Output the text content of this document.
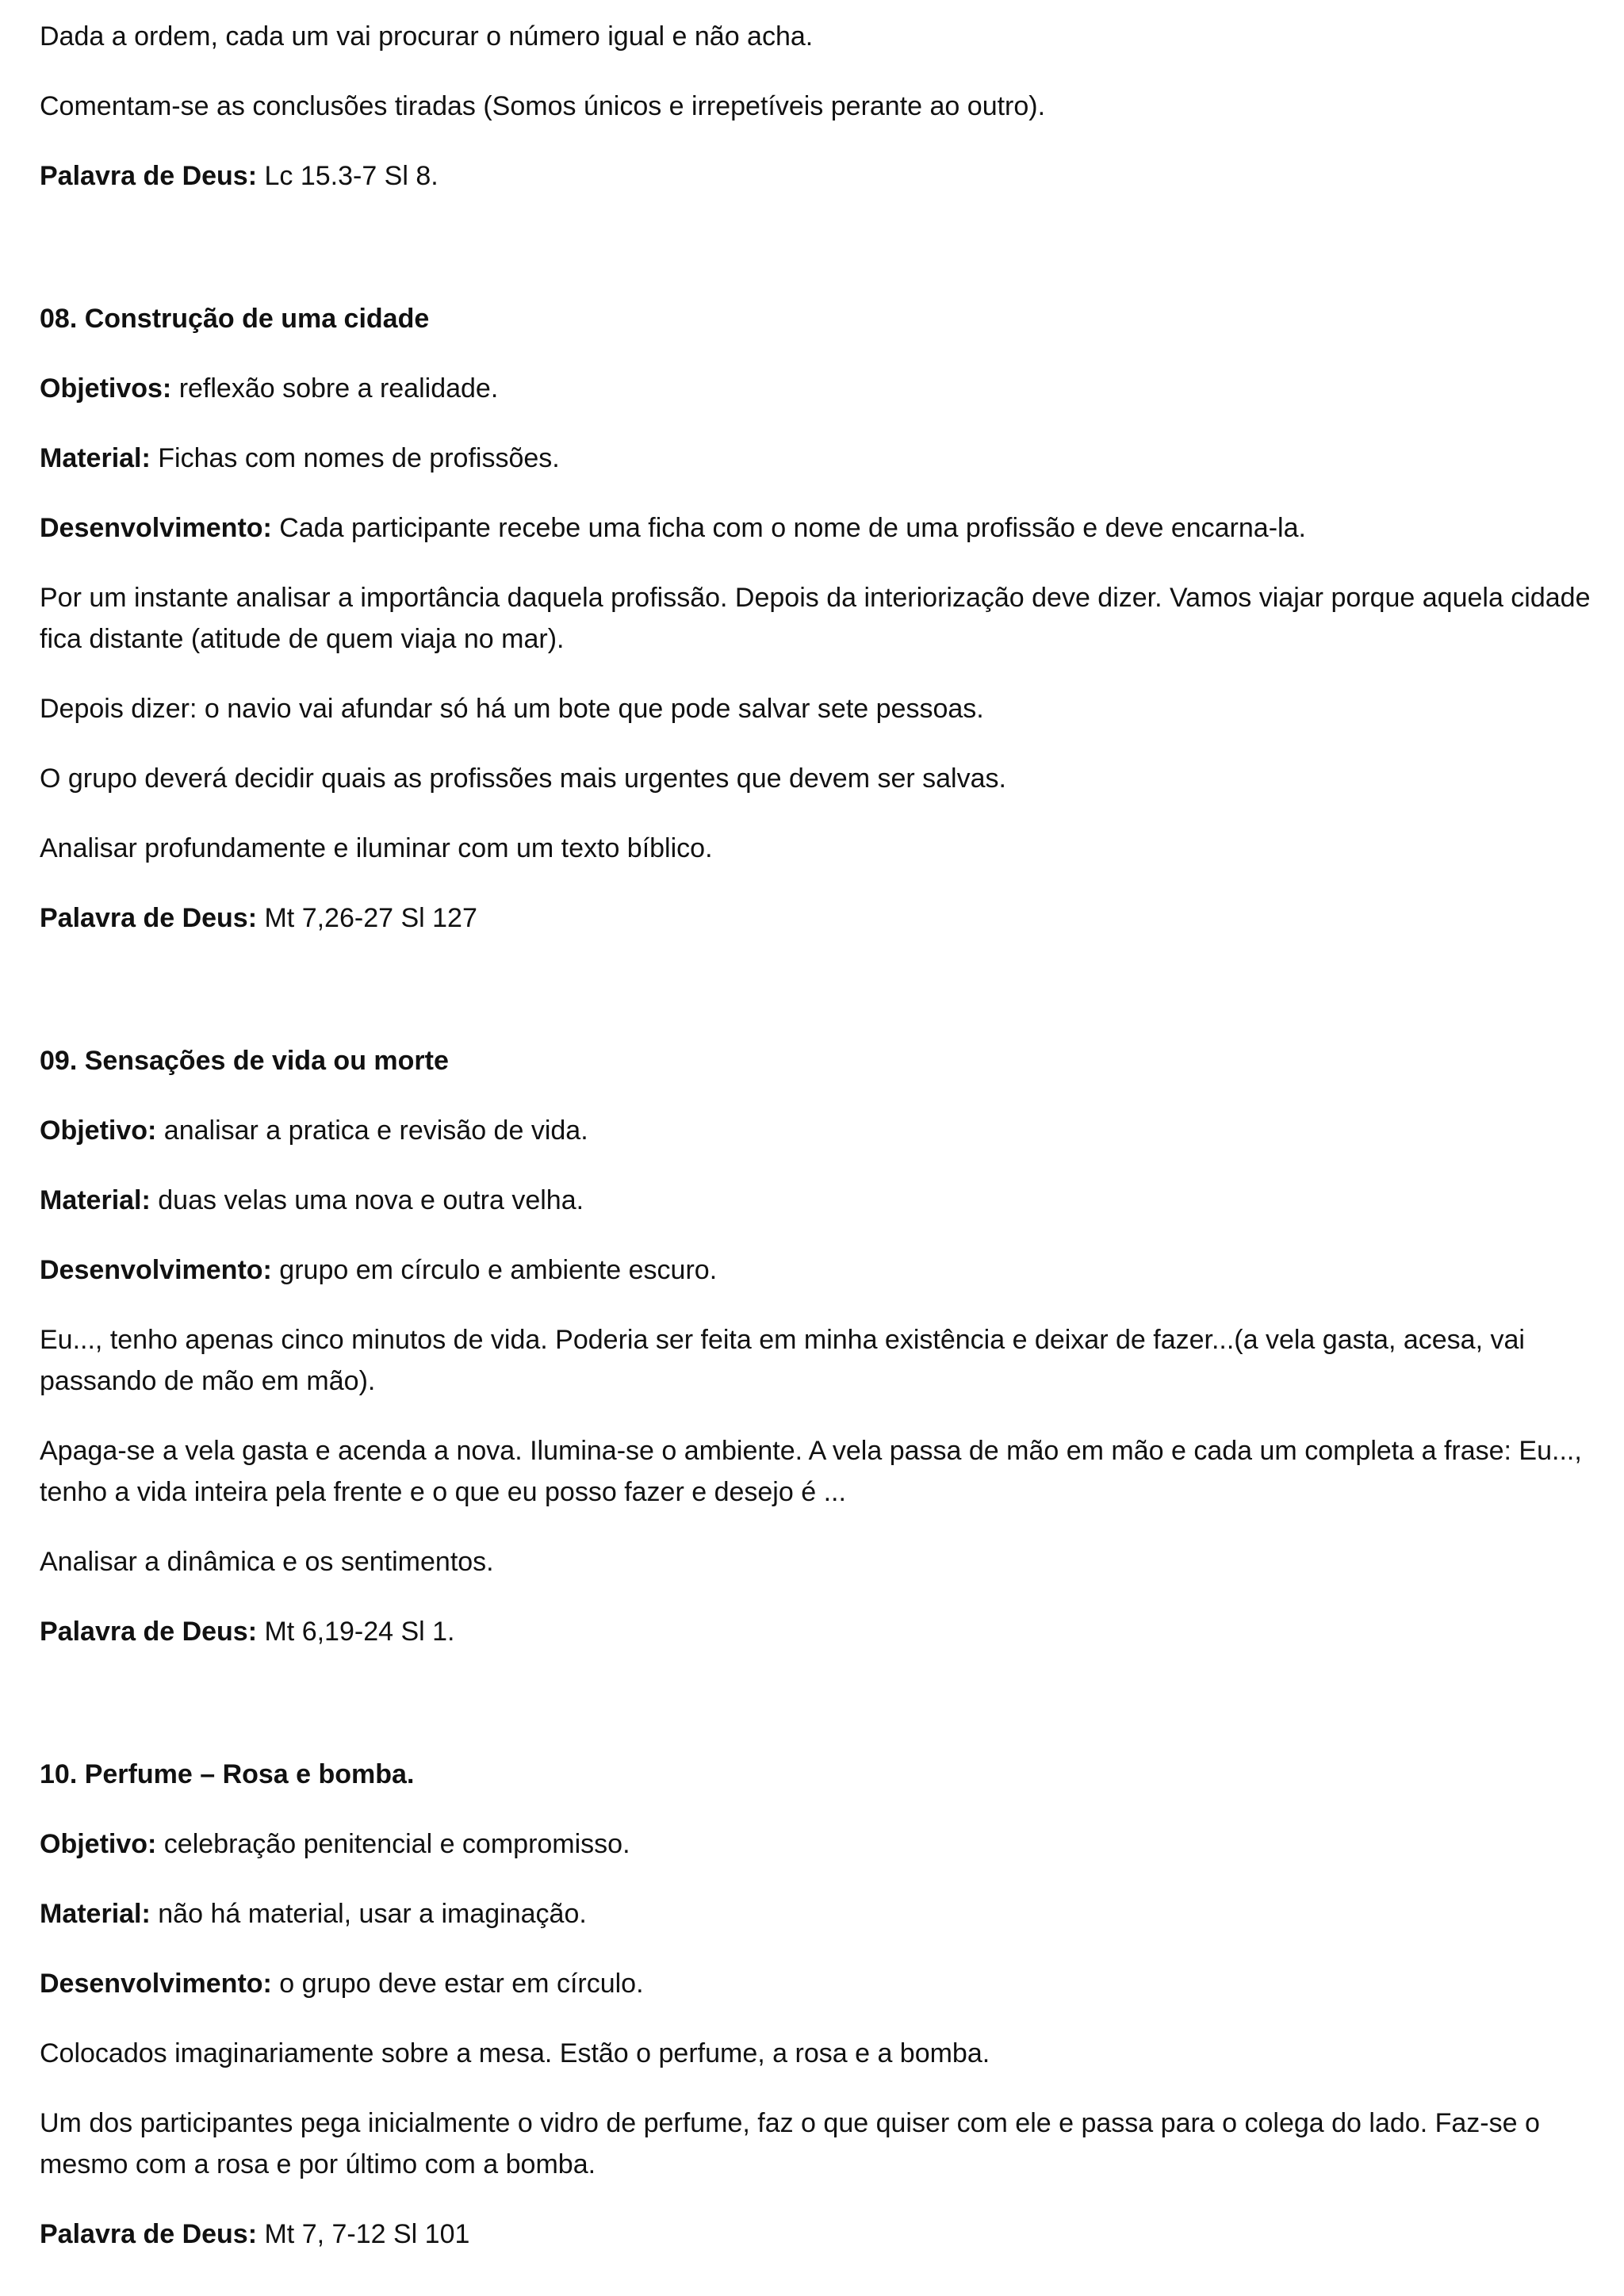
Dada a ordem, cada um vai procurar o número igual e não acha.

Comentam-se as conclusões tiradas (Somos únicos e irrepetíveis perante ao outro).

Palavra de Deus: Lc 15.3-7 Sl 8.

08. Construção de uma cidade

Objetivos: reflexão sobre a realidade.

Material: Fichas com nomes de profissões.

Desenvolvimento: Cada participante recebe uma ficha com o nome de uma profissão e deve encarna-la.

Por um instante analisar a importância daquela profissão. Depois da interiorização deve dizer. Vamos viajar porque aquela cidade fica distante (atitude de quem viaja no mar).

Depois dizer: o navio vai afundar só há um bote que pode salvar sete pessoas.

O grupo deverá decidir quais as profissões mais urgentes que devem ser salvas.

Analisar profundamente e iluminar com um texto bíblico.

Palavra de Deus: Mt 7,26-27 Sl 127

09. Sensações de vida ou morte

Objetivo: analisar a pratica e revisão de vida.

Material: duas velas uma nova e outra velha.

Desenvolvimento: grupo em círculo e ambiente escuro.

Eu..., tenho apenas cinco minutos de vida. Poderia ser feita em minha existência e deixar de fazer...(a vela gasta, acesa, vai passando de mão em mão).

Apaga-se a vela gasta e acenda a nova. Ilumina-se o ambiente. A vela passa de mão em mão e cada um completa a frase: Eu..., tenho a vida inteira pela frente e o que eu posso fazer e desejo é ...

Analisar a dinâmica e os sentimentos.

Palavra de Deus: Mt 6,19-24 Sl 1.

10. Perfume – Rosa e bomba.

Objetivo: celebração penitencial e compromisso.

Material: não há material, usar a imaginação.

Desenvolvimento: o grupo deve estar em círculo.

Colocados imaginariamente sobre a mesa. Estão o perfume, a rosa e a bomba.

Um dos participantes pega inicialmente o vidro de perfume, faz o que quiser com ele e passa para o colega do lado. Faz-se o mesmo com a rosa e por último com a bomba.

Palavra de Deus: Mt 7, 7-12 Sl 101
